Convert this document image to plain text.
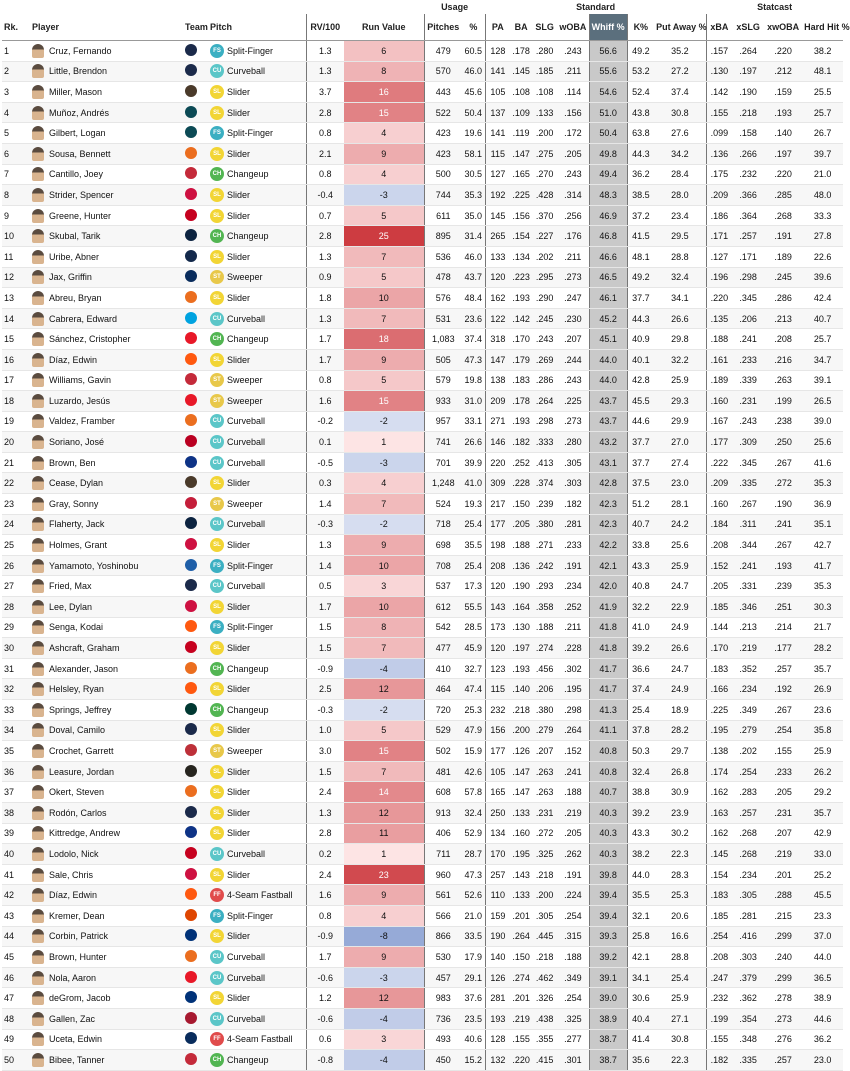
						Usage		Standard							Statcast			
Rk.	Player	Team	Pitch	RV/100	Run Value	Pitches	%	PA	BA	SLG	wOBA	Whiff %	K%	Put Away %	xBA	xSLG	xwOBA	Hard Hit %
1	Cruz, Fernando		FS Split-Finger	1.3	6	479	60.5	128	.178	.280	.243	56.6	49.2	35.2	.157	.264	.220	38.2
2	Little, Brendon		CU Curveball	1.3	8	570	46.0	141	.145	.185	.211	55.6	53.2	27.2	.130	.197	.212	48.1
3	Miller, Mason		SL Slider	3.7	16	443	45.6	105	.108	.108	.114	54.6	52.4	37.4	.142	.190	.159	25.5
4	Muñoz, Andrés		SL Slider	2.8	15	522	50.4	137	.109	.133	.156	51.0	43.8	30.8	.155	.218	.193	25.7
5	Gilbert, Logan		FS Split-Finger	0.8	4	423	19.6	141	.119	.200	.172	50.4	63.8	27.6	.099	.158	.140	26.7
6	Sousa, Bennett		SL Slider	2.1	9	423	58.1	115	.147	.275	.205	49.8	44.3	34.2	.136	.266	.197	39.7
7	Cantillo, Joey		CH Changeup	0.8	4	500	30.5	127	.165	.270	.243	49.4	36.2	28.4	.175	.232	.220	21.0
8	Strider, Spencer		SL Slider	-0.4	-3	744	35.3	192	.225	.428	.314	48.3	38.5	28.0	.209	.366	.285	48.0
9	Greene, Hunter		SL Slider	0.7	5	611	35.0	145	.156	.370	.256	46.9	37.2	23.4	.186	.364	.268	33.3
10	Skubal, Tarik		CH Changeup	2.8	25	895	31.4	265	.154	.227	.176	46.8	41.5	29.5	.171	.257	.191	27.8
11	Uribe, Abner		SL Slider	1.3	7	536	46.0	133	.134	.202	.211	46.6	48.1	28.8	.127	.171	.189	22.6
12	Jax, Griffin		ST Sweeper	0.9	5	478	43.7	120	.223	.295	.273	46.5	49.2	32.4	.196	.298	.245	39.6
13	Abreu, Bryan		SL Slider	1.8	10	576	48.4	162	.193	.290	.247	46.1	37.7	34.1	.220	.345	.286	42.4
14	Cabrera, Edward		CU Curveball	1.3	7	531	23.6	122	.142	.245	.230	45.2	44.3	26.6	.135	.206	.213	40.7
15	Sánchez, Cristopher		CH Changeup	1.7	18	1,083	37.4	318	.170	.243	.207	45.1	40.9	29.8	.188	.241	.208	25.7
16	Díaz, Edwin		SL Slider	1.7	9	505	47.3	147	.179	.269	.244	44.0	40.1	32.2	.161	.233	.216	34.7
17	Williams, Gavin		ST Sweeper	0.8	5	579	19.8	138	.183	.286	.243	44.0	42.8	25.9	.189	.339	.263	39.1
18	Luzardo, Jesús		ST Sweeper	1.6	15	933	31.0	209	.178	.264	.225	43.7	45.5	29.3	.160	.231	.199	26.5
19	Valdez, Framber		CU Curveball	-0.2	-2	957	33.1	271	.193	.298	.273	43.7	44.6	29.9	.167	.243	.238	39.0
20	Soriano, José		CU Curveball	0.1	1	741	26.6	146	.182	.333	.280	43.2	37.7	27.0	.177	.309	.250	25.6
21	Brown, Ben		CU Curveball	-0.5	-3	701	39.9	220	.252	.413	.305	43.1	37.7	27.4	.222	.345	.267	41.6
22	Cease, Dylan		SL Slider	0.3	4	1,248	41.0	309	.228	.374	.303	42.8	37.5	23.0	.209	.335	.272	35.3
23	Gray, Sonny		ST Sweeper	1.4	7	524	19.3	217	.150	.239	.182	42.3	51.2	28.1	.160	.267	.190	36.9
24	Flaherty, Jack		CU Curveball	-0.3	-2	718	25.4	177	.205	.380	.281	42.3	40.7	24.2	.184	.311	.241	35.1
25	Holmes, Grant		SL Slider	1.3	9	698	35.5	198	.188	.271	.233	42.2	33.8	25.6	.208	.344	.267	42.7
26	Yamamoto, Yoshinobu		FS Split-Finger	1.4	10	708	25.4	208	.136	.242	.191	42.1	43.3	25.9	.152	.241	.193	41.7
27	Fried, Max		CU Curveball	0.5	3	537	17.3	120	.190	.293	.234	42.0	40.8	24.7	.205	.331	.239	35.3
28	Lee, Dylan		SL Slider	1.7	10	612	55.5	143	.164	.358	.252	41.9	32.2	22.9	.185	.346	.251	30.3
29	Senga, Kodai		FS Split-Finger	1.5	8	542	28.5	173	.130	.188	.211	41.8	41.0	24.9	.144	.213	.214	21.7
30	Ashcraft, Graham		SL Slider	1.5	7	477	45.9	120	.197	.274	.228	41.8	39.2	26.6	.170	.219	.177	28.2
31	Alexander, Jason		CH Changeup	-0.9	-4	410	32.7	123	.193	.456	.302	41.7	36.6	24.7	.183	.352	.257	35.7
32	Helsley, Ryan		SL Slider	2.5	12	464	47.4	115	.140	.206	.195	41.7	37.4	24.9	.166	.234	.192	26.9
33	Springs, Jeffrey		CH Changeup	-0.3	-2	720	25.3	232	.218	.380	.298	41.3	25.4	18.9	.225	.349	.267	23.6
34	Doval, Camilo		SL Slider	1.0	5	529	47.9	156	.200	.279	.264	41.1	37.8	28.2	.195	.279	.254	35.8
35	Crochet, Garrett		ST Sweeper	3.0	15	502	15.9	177	.126	.207	.152	40.8	50.3	29.7	.138	.202	.155	25.9
36	Leasure, Jordan		SL Slider	1.5	7	481	42.6	105	.147	.263	.241	40.8	32.4	26.8	.174	.254	.233	26.2
37	Okert, Steven		SL Slider	2.4	14	608	57.8	165	.147	.263	.188	40.7	38.8	30.9	.162	.283	.205	29.2
38	Rodón, Carlos		SL Slider	1.3	12	913	32.4	250	.133	.231	.219	40.3	39.2	23.9	.163	.257	.231	35.7
39	Kittredge, Andrew		SL Slider	2.8	11	406	52.9	134	.160	.272	.205	40.3	43.3	30.2	.162	.268	.207	42.9
40	Lodolo, Nick		CU Curveball	0.2	1	711	28.7	170	.195	.325	.262	40.3	38.2	22.3	.145	.268	.219	33.0
41	Sale, Chris		SL Slider	2.4	23	960	47.3	257	.143	.218	.191	39.8	44.0	28.3	.154	.234	.201	25.2
42	Díaz, Edwin		FF 4-Seam Fastball	1.6	9	561	52.6	110	.133	.200	.224	39.4	35.5	25.3	.183	.305	.288	45.5
43	Kremer, Dean		FS Split-Finger	0.8	4	566	21.0	159	.201	.305	.254	39.4	32.1	20.6	.185	.281	.215	23.3
44	Corbin, Patrick		SL Slider	-0.9	-8	866	33.5	190	.264	.445	.315	39.3	25.8	16.6	.254	.416	.299	37.0
45	Brown, Hunter		CU Curveball	1.7	9	530	17.9	140	.150	.218	.188	39.2	42.1	28.8	.208	.303	.240	44.0
46	Nola, Aaron		CU Curveball	-0.6	-3	457	29.1	126	.274	.462	.349	39.1	34.1	25.4	.247	.379	.299	36.5
47	deGrom, Jacob		SL Slider	1.2	12	983	37.6	281	.201	.326	.254	39.0	30.6	25.9	.232	.362	.278	38.9
48	Gallen, Zac		CU Curveball	-0.6	-4	736	23.5	193	.219	.438	.325	38.9	40.4	27.1	.199	.354	.273	44.6
49	Uceta, Edwin		FF 4-Seam Fastball	0.6	3	493	40.6	128	.155	.355	.277	38.7	41.4	30.8	.155	.348	.276	36.2
50	Bibee, Tanner		CH Changeup	-0.8	-4	450	15.2	132	.220	.415	.301	38.7	35.6	22.3	.182	.335	.257	23.0
